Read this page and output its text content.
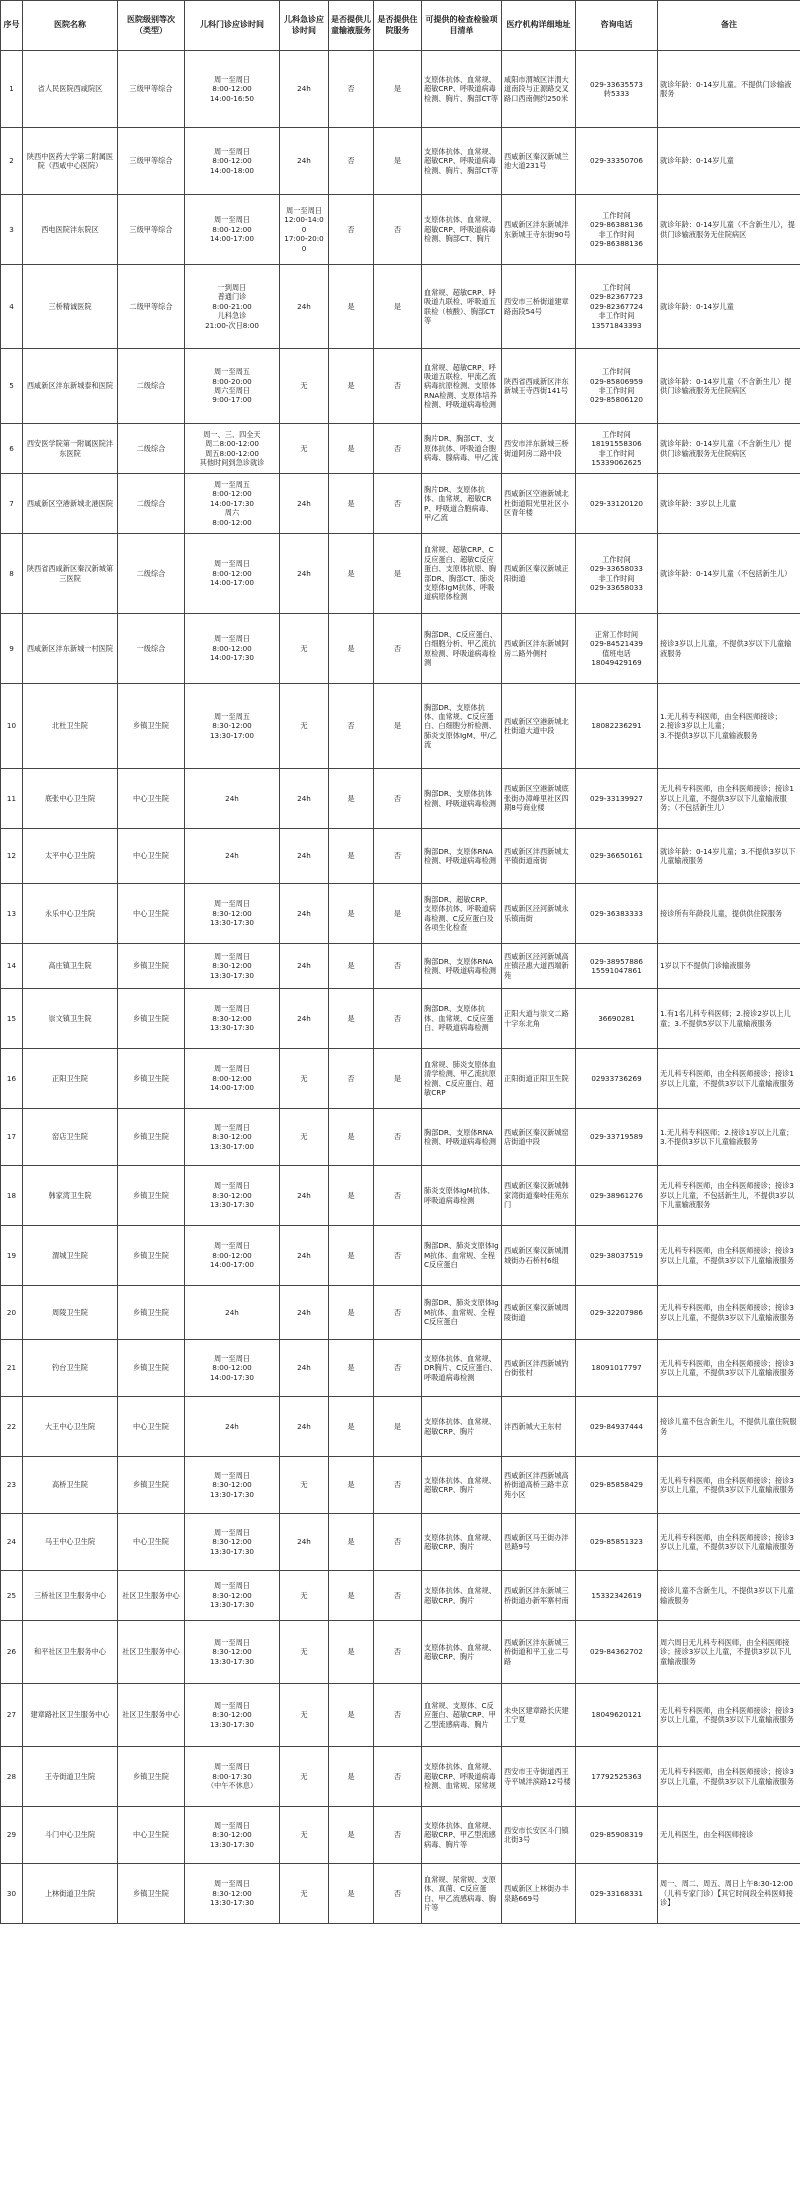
序号	医院名称	医院级别等次（类型）	儿科门诊应诊时间	儿科急诊应诊时间	是否提供儿童输液服务	是否提供住院服务	可提供的检查检验项目清单	医疗机构详细地址	咨询电话	备注
1	省人民医院西咸院区	三级甲等综合	周一至周日
8:00-12:00
14:00-16:50	24h	否	是	支原体抗体、血常规、超敏CRP、呼吸道病毒检测、胸片、胸部CT等	咸阳市渭城区沣渭大道南段与正源路交叉路口西南侧约250米	029-33635573
转5333	就诊年龄：0-14岁儿童。不提供门诊输液服务
2	陕西中医药大学第二附属医院（西咸中心医院）	三级甲等综合	周一至周日
8:00-12:00
14:00-18:00	24h	否	是	支原体抗体、血常规、超敏CRP、呼吸道病毒检测、胸片、胸部CT等	西咸新区秦汉新城兰池大道231号	029-33350706	就诊年龄：0-14岁儿童
3	西电医院沣东院区	三级甲等综合	周一至周日
8:00-12:00
14:00-17:00	周一至周日
12:00-14:00
17:00-20:00	否	否	支原体抗体、血常规、超敏CRP、呼吸道病毒检测、胸部CT、胸片	西咸新区沣东新城沣东新城王寺东街90号	工作时间
029-86388136
非工作时间
029-86388136	就诊年龄：0-14岁儿童（不含新生儿），提供门诊输液服务无住院病区
4	三桥精诚医院	二级甲等综合	一到周日
普通门诊
8:00-21:00
儿科急诊
21:00-次日8:00	24h	是	是	血常规、超敏CRP、呼吸道九联检、呼吸道五联检（核酸）、胸部CT等	西安市三桥街道建章路南段54号	工作时间
029-82367723
029-82367724
非工作时间
13571843393	就诊年龄：0-14岁儿童
5	西咸新区沣东新城泰和医院	二级综合	周一至周五
8:00-20:00
周六至周日
9:00-17:00	无	是	否	血常规、超敏CRP、呼吸道五联检、甲流乙流病毒抗原检测、支原体RNA检测、支原体培养检测、呼吸道病毒检测	陕西省西咸新区沣东新城王寺西街141号	工作时间
029-85806959
非工作时间
029-85806120	就诊年龄：0-14岁儿童（不含新生儿）提供门诊输液服务无住院病区
6	西安医学院第一附属医院沣东医院	二级综合	周一、三、四全天
周二8:00-12:00
周五8:00-12:00
其他时间到急诊就诊	无	是	否	胸片DR、胸部CT、支原体抗体、呼吸道合胞病毒、腺病毒、甲/乙流	西安市沣东新城三桥街道阿房二路中段	工作时间
18191558306
非工作时间
15339062625	就诊年龄：0-14岁儿童（不含新生儿）提供门诊输液服务无住院病区
7	西咸新区空港新城北港医院	二级综合	周一至周五
8:00-12:00
14:00-17:30
周六
8:00-12:00	24h	是	否	胸片DR、支原体抗体、血常规、超敏CRP、呼吸道合胞病毒、甲/乙流	西咸新区空港新城北杜街道阳光里社区小区青年楼	029-33120120	就诊年龄：3岁以上儿童
8	陕西省西咸新区秦汉新城第三医院	二级综合	周一至周日
8:00-12:00
14:00-17:00	24h	是	是	血常规、超敏CRP、C反应蛋白、超敏C反应蛋白、支原体抗原、胸部DR、胸部CT、肺炎支原体IgM抗体、呼吸道病原体检测	西咸新区秦汉新城正阳街道	工作时间
029-33658033
非工作时间
029-33658033	就诊年龄：0-14岁儿童（不包括新生儿）
9	西咸新区沣东新城一村医院	一级综合	周一至周日
8:00-12:00
14:00-17:30	无	是	否	胸部DR、C反应蛋白、白细胞分析、甲乙流抗原检测、呼吸道病毒检测	西咸新区沣东新城阿房二路外侧村	正常工作时间
029-84521439
值班电话
18049429169	接诊3岁以上儿童，不提供3岁以下儿童输液服务
10	北杜卫生院	乡镇卫生院	周一至周五
8:30-12:00
13:30-17:00	无	否	是	胸部DR、支原体抗体、血常规、C反应蛋白、白细胞分析检测、肺炎支原体IgM、甲/乙流	西咸新区空港新城北杜街道大道中段	18082236291	1.无儿科专科医师，由全科医师接诊；
2.接诊3岁以上儿童；
3.不提供3岁以下儿童输液服务
11	底张中心卫生院	中心卫生院	24h	24h	是	否	胸部DR、支原体抗体检测、呼吸道病毒检测	西咸新区空港新城底张街办漳峰里社区四期8号商业楼	029-33139927	无儿科专科医师，由全科医师接诊；接诊1岁以上儿童，不提供3岁以下儿童输液服务；（不包括新生儿）
12	太平中心卫生院	中心卫生院	24h	24h	是	否	胸部DR、支原体RNA检测、呼吸道病毒检测	西咸新区沣西新城太平镇街道南街	029-36650161	就诊年龄：0-14岁儿童；3.不提供3岁以下儿童输液服务
13	永乐中心卫生院	中心卫生院	周一至周日
8:30-12:00
13:30-17:30	24h	是	是	胸部DR、超敏CRP、支原体抗体、呼吸道病毒检测、C反应蛋白及各项生化检查	西咸新区泾河新城永乐镇南街	029-36383333	接诊所有年龄段儿童，提供供住院服务
14	高庄镇卫生院	乡镇卫生院	周一至周日
8:30-12:00
13:30-17:30	24h	是	否	胸部DR、支原体RNA检测、呼吸道病毒检测	西咸新区泾河新城高庄镇泾惠大道西端新苑	029-38957886
15591047861	1岁以下不提供门诊输液服务
15	崇文镇卫生院	乡镇卫生院	周一至周日
8:30-12:00
13:30-17:30	24h	是	否	胸部DR、支原体抗体、血常规、C反应蛋白、呼吸道病毒检测	正阳大道与崇文二路十字东北角	36690281	1.有1名儿科专科医师；2.接诊2岁以上儿童；3.不提供5岁以下儿童输液服务
16	正阳卫生院	乡镇卫生院	周一至周日
8:00-12:00
14:00-17:00	无	否	是	血常规、肺炎支原体血清学检测、甲乙流抗原检测、C反应蛋白、超敏CRP	正阳街道正阳卫生院	02933736269	无儿科专科医师，由全科医师接诊；接诊1岁以上儿童，不提供3岁以下儿童输液服务
17	窑店卫生院	乡镇卫生院	周一至周日
8:30-12:00
13:30-17:00	无	是	否	胸部DR、支原体RNA检测、呼吸道病毒检测	西咸新区秦汉新城窑店街道中段	029-33719589	1.无儿科专科医师；2.接诊1岁以上儿童；3.不提供3岁以下儿童输液服务
18	韩家湾卫生院	乡镇卫生院	周一至周日
8:30-12:00
13:30-17:30	24h	是	否	肺炎支原体IgM抗体、呼吸道病毒检测	西咸新区秦汉新城韩家湾街道秦岭佳苑东门	029-38961276	无儿科专科医师，由全科医师接诊；接诊3岁以上儿童，不包括新生儿，不提供3岁以下儿童输液服务
19	渭城卫生院	乡镇卫生院	周一至周日
8:00-12:00
14:00-17:00	24h	是	否	胸部DR、肺炎支原体IgM抗体、血常规、全程C反应蛋白	西咸新区秦汉新城渭城街办石桥村6组	029-38037519	无儿科专科医师，由全科医师接诊；接诊3岁以上儿童，不提供3岁以下儿童输液服务
20	周陵卫生院	乡镇卫生院	24h	24h	是	否	胸部DR、肺炎支原体IgM抗体、血常规、全程C反应蛋白	西咸新区秦汉新城周陵街道	029-32207986	无儿科专科医师，由全科医师接诊；接诊3岁以上儿童，不提供3岁以下儿童输液服务
21	钓台卫生院	乡镇卫生院	周一至周日
8:00-12:00
14:00-17:30	24h	是	否	支原体抗体、血常规、DR胸片、C反应蛋白、呼吸道病毒检测	西咸新区沣西新城钓台街张村	18091017797	无儿科专科医师，由全科医师接诊；接诊3岁以上儿童，不提供3岁以下儿童输液服务
22	大王中心卫生院	中心卫生院	24h	24h	是	是	支原体抗体、血常规、超敏CRP、胸片	沣西新城大王东村	029-84937444	接诊儿童不包含新生儿，不提供儿童住院服务
23	高桥卫生院	乡镇卫生院	周一至周日
8:30-12:00
13:30-17:30	无	是	否	支原体抗体、血常规、超敏CRP、胸片	西咸新区沣西新城高桥街道高桥三路丰京苑小区	029-85858429	无儿科专科医师，由全科医师接诊；接诊3岁以上儿童，不提供3岁以下儿童输液服务
24	马王中心卫生院	中心卫生院	周一至周日
8:30-12:00
13:30-17:30	24h	是	否	支原体抗体、血常规、超敏CRP、胸片	西咸新区马王街办沣邑路9号	029-85851323	无儿科专科医师，由全科医师接诊；接诊3岁以上儿童，不提供3岁以下儿童输液服务
25	三桥社区卫生服务中心	社区卫生服务中心	周一至周日
8:30-12:00
13:30-17:30	无	是	否	支原体抗体、血常规、超敏CRP、胸片	西咸新区沣东新城三桥街道办新军寨村南	15332342619	接诊儿童不含新生儿，不提供3岁以下儿童输液服务
26	和平社区卫生服务中心	社区卫生服务中心	周一至周日
8:30-12:00
13:30-17:30	无	是	否	支原体抗体、血常规、超敏CRP、胸片	西咸新区沣东新城三桥街道和平工业二号路	029-84362702	周六周日无儿科专科医师，由全科医师接诊；接诊3岁以上儿童，不提供3岁以下儿童输液服务
27	建章路社区卫生服务中心	社区卫生服务中心	周一至周日
8:30-12:00
13:30-17:30	无	是	否	血常规、支原体、C反应蛋白、超敏CRP、甲乙型流感病毒、胸片	未央区建章路长庆建工宁夏	18049620121	无儿科专科医师，由全科医师接诊；接诊3岁以上儿童，不提供3岁以下儿童输液服务
28	王寺街道卫生院	乡镇卫生院	周一至周日
8:00-17:30
（中午不休息）	无	是	否	支原体抗体、血常规、超敏CRP、呼吸道病毒检测、血常规、尿常规	西安市王寺街道西王寺平城沣滨路12号楼	17792525363	无儿科专科医师，由全科医师接诊；接诊3岁以上儿童，不提供3岁以下儿童输液服务
29	斗门中心卫生院	中心卫生院	周一至周日
8:30-12:00
13:30-17:30	无	是	否	支原体抗体、血常规、超敏CRP、甲乙型流感病毒、胸片等	西安市长安区斗门镇北街3号	029-85908319	无儿科医生，由全科医师接诊
30	上林街道卫生院	乡镇卫生院	周一至周日
8:30-12:00
13:30-17:30	无	是	否	血常规、尿常规、支原体、真菌、C反应蛋白、甲乙流感病毒、胸片等	西咸新区上林街办丰泉路669号	029-33168331	周一、周二、周五、周日上午8:30-12:00（儿科专家门诊）【其它时间段全科医师接诊】
